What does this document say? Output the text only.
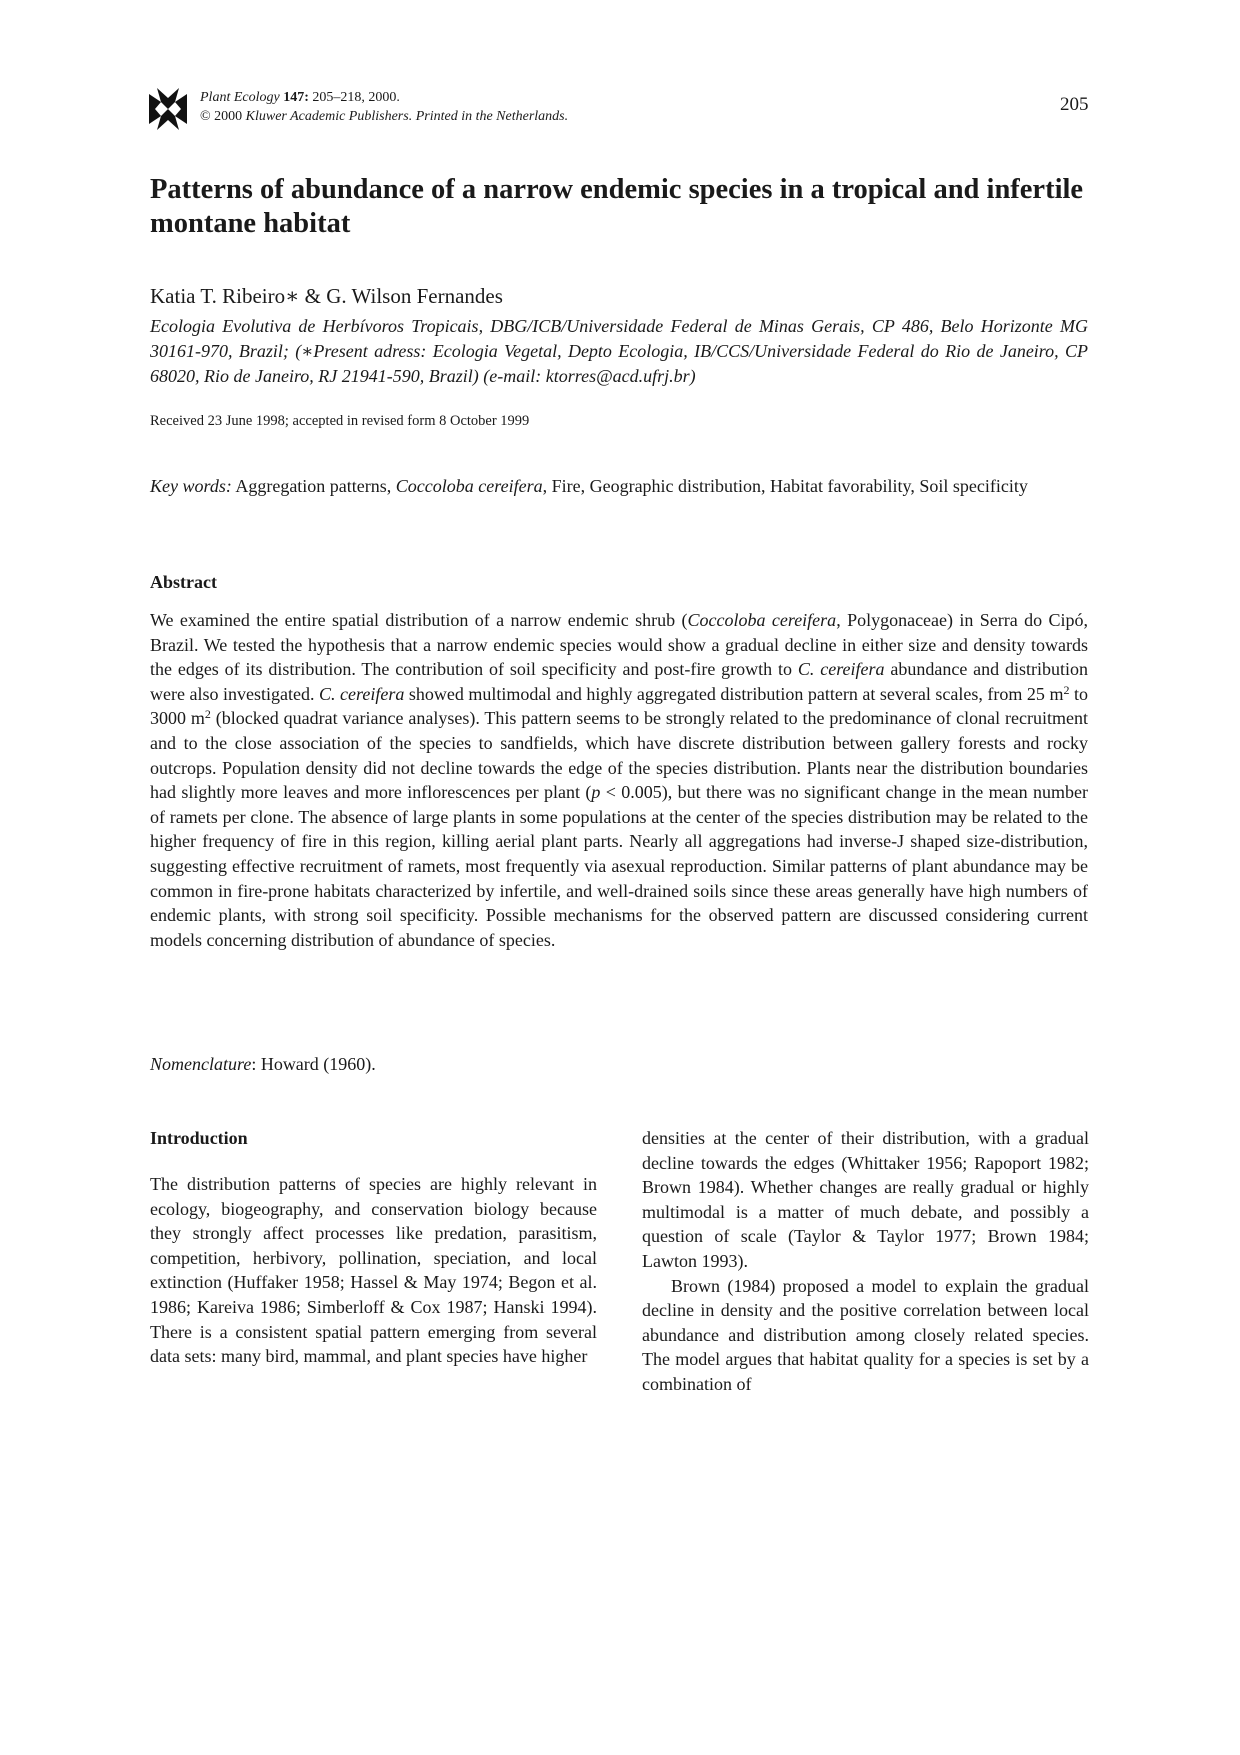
Plant Ecology 147: 205–218, 2000.
© 2000 Kluwer Academic Publishers. Printed in the Netherlands.
205
Patterns of abundance of a narrow endemic species in a tropical and infertile montane habitat
Katia T. Ribeiro∗ & G. Wilson Fernandes
Ecologia Evolutiva de Herbívoros Tropicais, DBG/ICB/Universidade Federal de Minas Gerais, CP 486, Belo Horizonte MG 30161-970, Brazil; (∗Present adress: Ecologia Vegetal, Depto Ecologia, IB/CCS/Universidade Federal do Rio de Janeiro, CP 68020, Rio de Janeiro, RJ 21941-590, Brazil) (e-mail: ktorres@acd.ufrj.br)
Received 23 June 1998; accepted in revised form 8 October 1999
Key words: Aggregation patterns, Coccoloba cereifera, Fire, Geographic distribution, Habitat favorability, Soil specificity
Abstract
We examined the entire spatial distribution of a narrow endemic shrub (Coccoloba cereifera, Polygonaceae) in Serra do Cipó, Brazil. We tested the hypothesis that a narrow endemic species would show a gradual decline in either size and density towards the edges of its distribution. The contribution of soil specificity and post-fire growth to C. cereifera abundance and distribution were also investigated. C. cereifera showed multimodal and highly aggregated distribution pattern at several scales, from 25 $m^2$ to 3000 $m^2$ (blocked quadrat variance analyses). This pattern seems to be strongly related to the predominance of clonal recruitment and to the close association of the species to sandfields, which have discrete distribution between gallery forests and rocky outcrops. Population density did not decline towards the edge of the species distribution. Plants near the distribution boundaries had slightly more leaves and more inflorescences per plant (p < 0.005), but there was no significant change in the mean number of ramets per clone. The absence of large plants in some populations at the center of the species distribution may be related to the higher frequency of fire in this region, killing aerial plant parts. Nearly all aggregations had inverse-J shaped size-distribution, suggesting effective recruitment of ramets, most frequently via asexual reproduction. Similar patterns of plant abundance may be common in fire-prone habitats characterized by infertile, and well-drained soils since these areas generally have high numbers of endemic plants, with strong soil specificity. Possible mechanisms for the observed pattern are discussed considering current models concerning distribution of abundance of species.
Nomenclature: Howard (1960).
Introduction
The distribution patterns of species are highly relevant in ecology, biogeography, and conservation biology because they strongly affect processes like predation, parasitism, competition, herbivory, pollination, speciation, and local extinction (Huffaker 1958; Hassel & May 1974; Begon et al. 1986; Kareiva 1986; Simberloff & Cox 1987; Hanski 1994). There is a consistent spatial pattern emerging from several data sets: many bird, mammal, and plant species have higher

densities at the center of their distribution, with a gradual decline towards the edges (Whittaker 1956; Rapoport 1982; Brown 1984). Whether changes are really gradual or highly multimodal is a matter of much debate, and possibly a question of scale (Taylor & Taylor 1977; Brown 1984; Lawton 1993).

Brown (1984) proposed a model to explain the gradual decline in density and the positive correlation between local abundance and distribution among closely related species. The model argues that habitat quality for a species is set by a combination of
